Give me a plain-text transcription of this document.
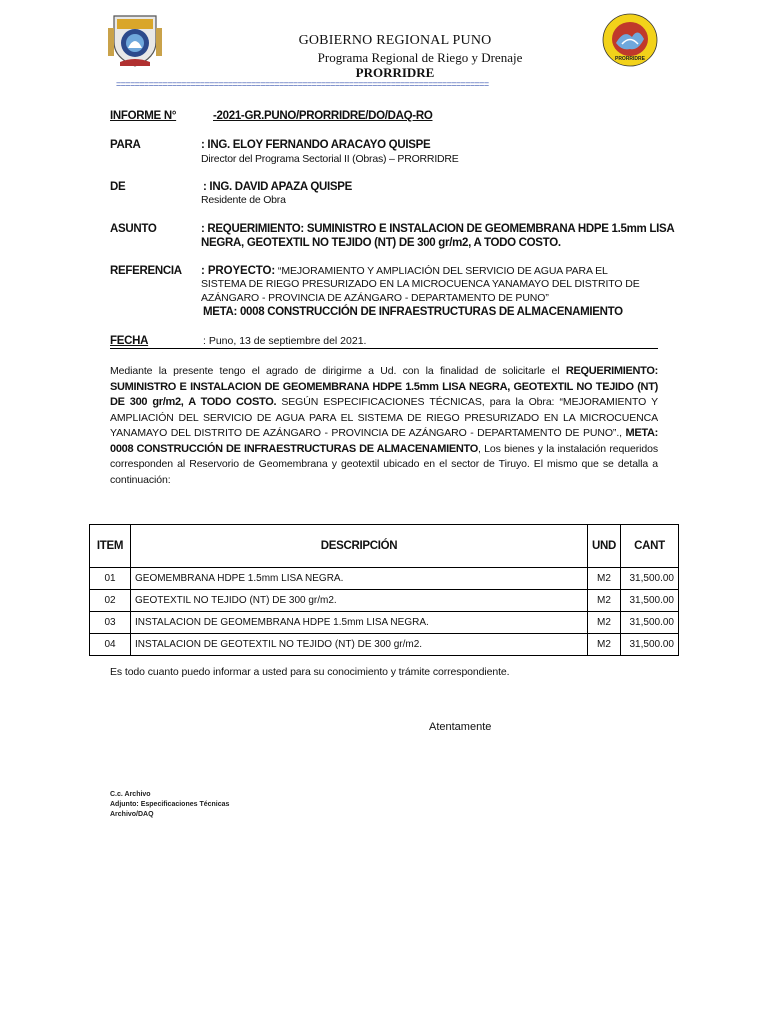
GOBIERNO REGIONAL PUNO
Programa Regional de Riego y Drenaje
PRORRIDRE
PRORRIDRE
================================================================================
INFORME N°	-2021-GR.PUNO/PRORRIDRE/DO/DAQ-RO
PARA	: ING. ELOY FERNANDO ARACAYO QUISPE
Director del Programa Sectorial II (Obras) – PRORRIDRE
DE	: ING. DAVID APAZA QUISPE
Residente de Obra
ASUNTO	: REQUERIMIENTO: SUMINISTRO E INSTALACION DE GEOMEMBRANA HDPE 1.5mm LISA
NEGRA, GEOTEXTIL NO TEJIDO (NT) DE 300 gr/m2, A TODO COSTO.
REFERENCIA : PROYECTO: “MEJORAMIENTO Y AMPLIACIÓN DEL SERVICIO DE AGUA PARA EL
SISTEMA DE RIEGO PRESURIZADO EN LA MICROCUENCA YANAMAYO DEL DISTRITO DE
AZÁNGARO - PROVINCIA DE AZÁNGARO - DEPARTAMENTO DE PUNO”
META: 0008 CONSTRUCCIÓN DE INFRAESTRUCTURAS DE ALMACENAMIENTO
FECHA	: Puno, 13 de septiembre del 2021.
Mediante la presente tengo el agrado de dirigirme a Ud. con la finalidad de solicitarle el REQUERIMIENTO: SUMINISTRO E INSTALACION DE GEOMEMBRANA HDPE 1.5mm LISA NEGRA, GEOTEXTIL NO TEJIDO (NT) DE 300 gr/m2, A TODO COSTO. SEGÚN ESPECIFICACIONES TÉCNICAS, para la Obra: “MEJORAMIENTO Y AMPLIACIÓN DEL SERVICIO DE AGUA PARA EL SISTEMA DE RIEGO PRESURIZADO EN LA MICROCUENCA YANAMAYO DEL DISTRITO DE AZÁNGARO - PROVINCIA DE AZÁNGARO - DEPARTAMENTO DE PUNO”., META: 0008 CONSTRUCCIÓN DE INFRAESTRUCTURAS DE ALMACENAMIENTO, Los bienes y la instalación requeridos corresponden al Reservorio de Geomembrana y geotextil ubicado en el sector de Tiruyo. El mismo que se detalla a continuación:
ITEM	DESCRIPCIÓN	UND	CANT
01	GEOMEMBRANA HDPE 1.5mm LISA NEGRA.	M2	31,500.00
02	GEOTEXTIL NO TEJIDO (NT) DE 300 gr/m2.	M2	31,500.00
03	INSTALACION DE GEOMEMBRANA HDPE 1.5mm LISA NEGRA.	M2	31,500.00
04	INSTALACION DE GEOTEXTIL NO TEJIDO (NT) DE 300 gr/m2.	M2	31,500.00
Es todo cuanto puedo informar a usted para su conocimiento y trámite correspondiente.
Atentamente
C.c. Archivo
Adjunto: Especificaciones Técnicas
Archivo/DAQ
